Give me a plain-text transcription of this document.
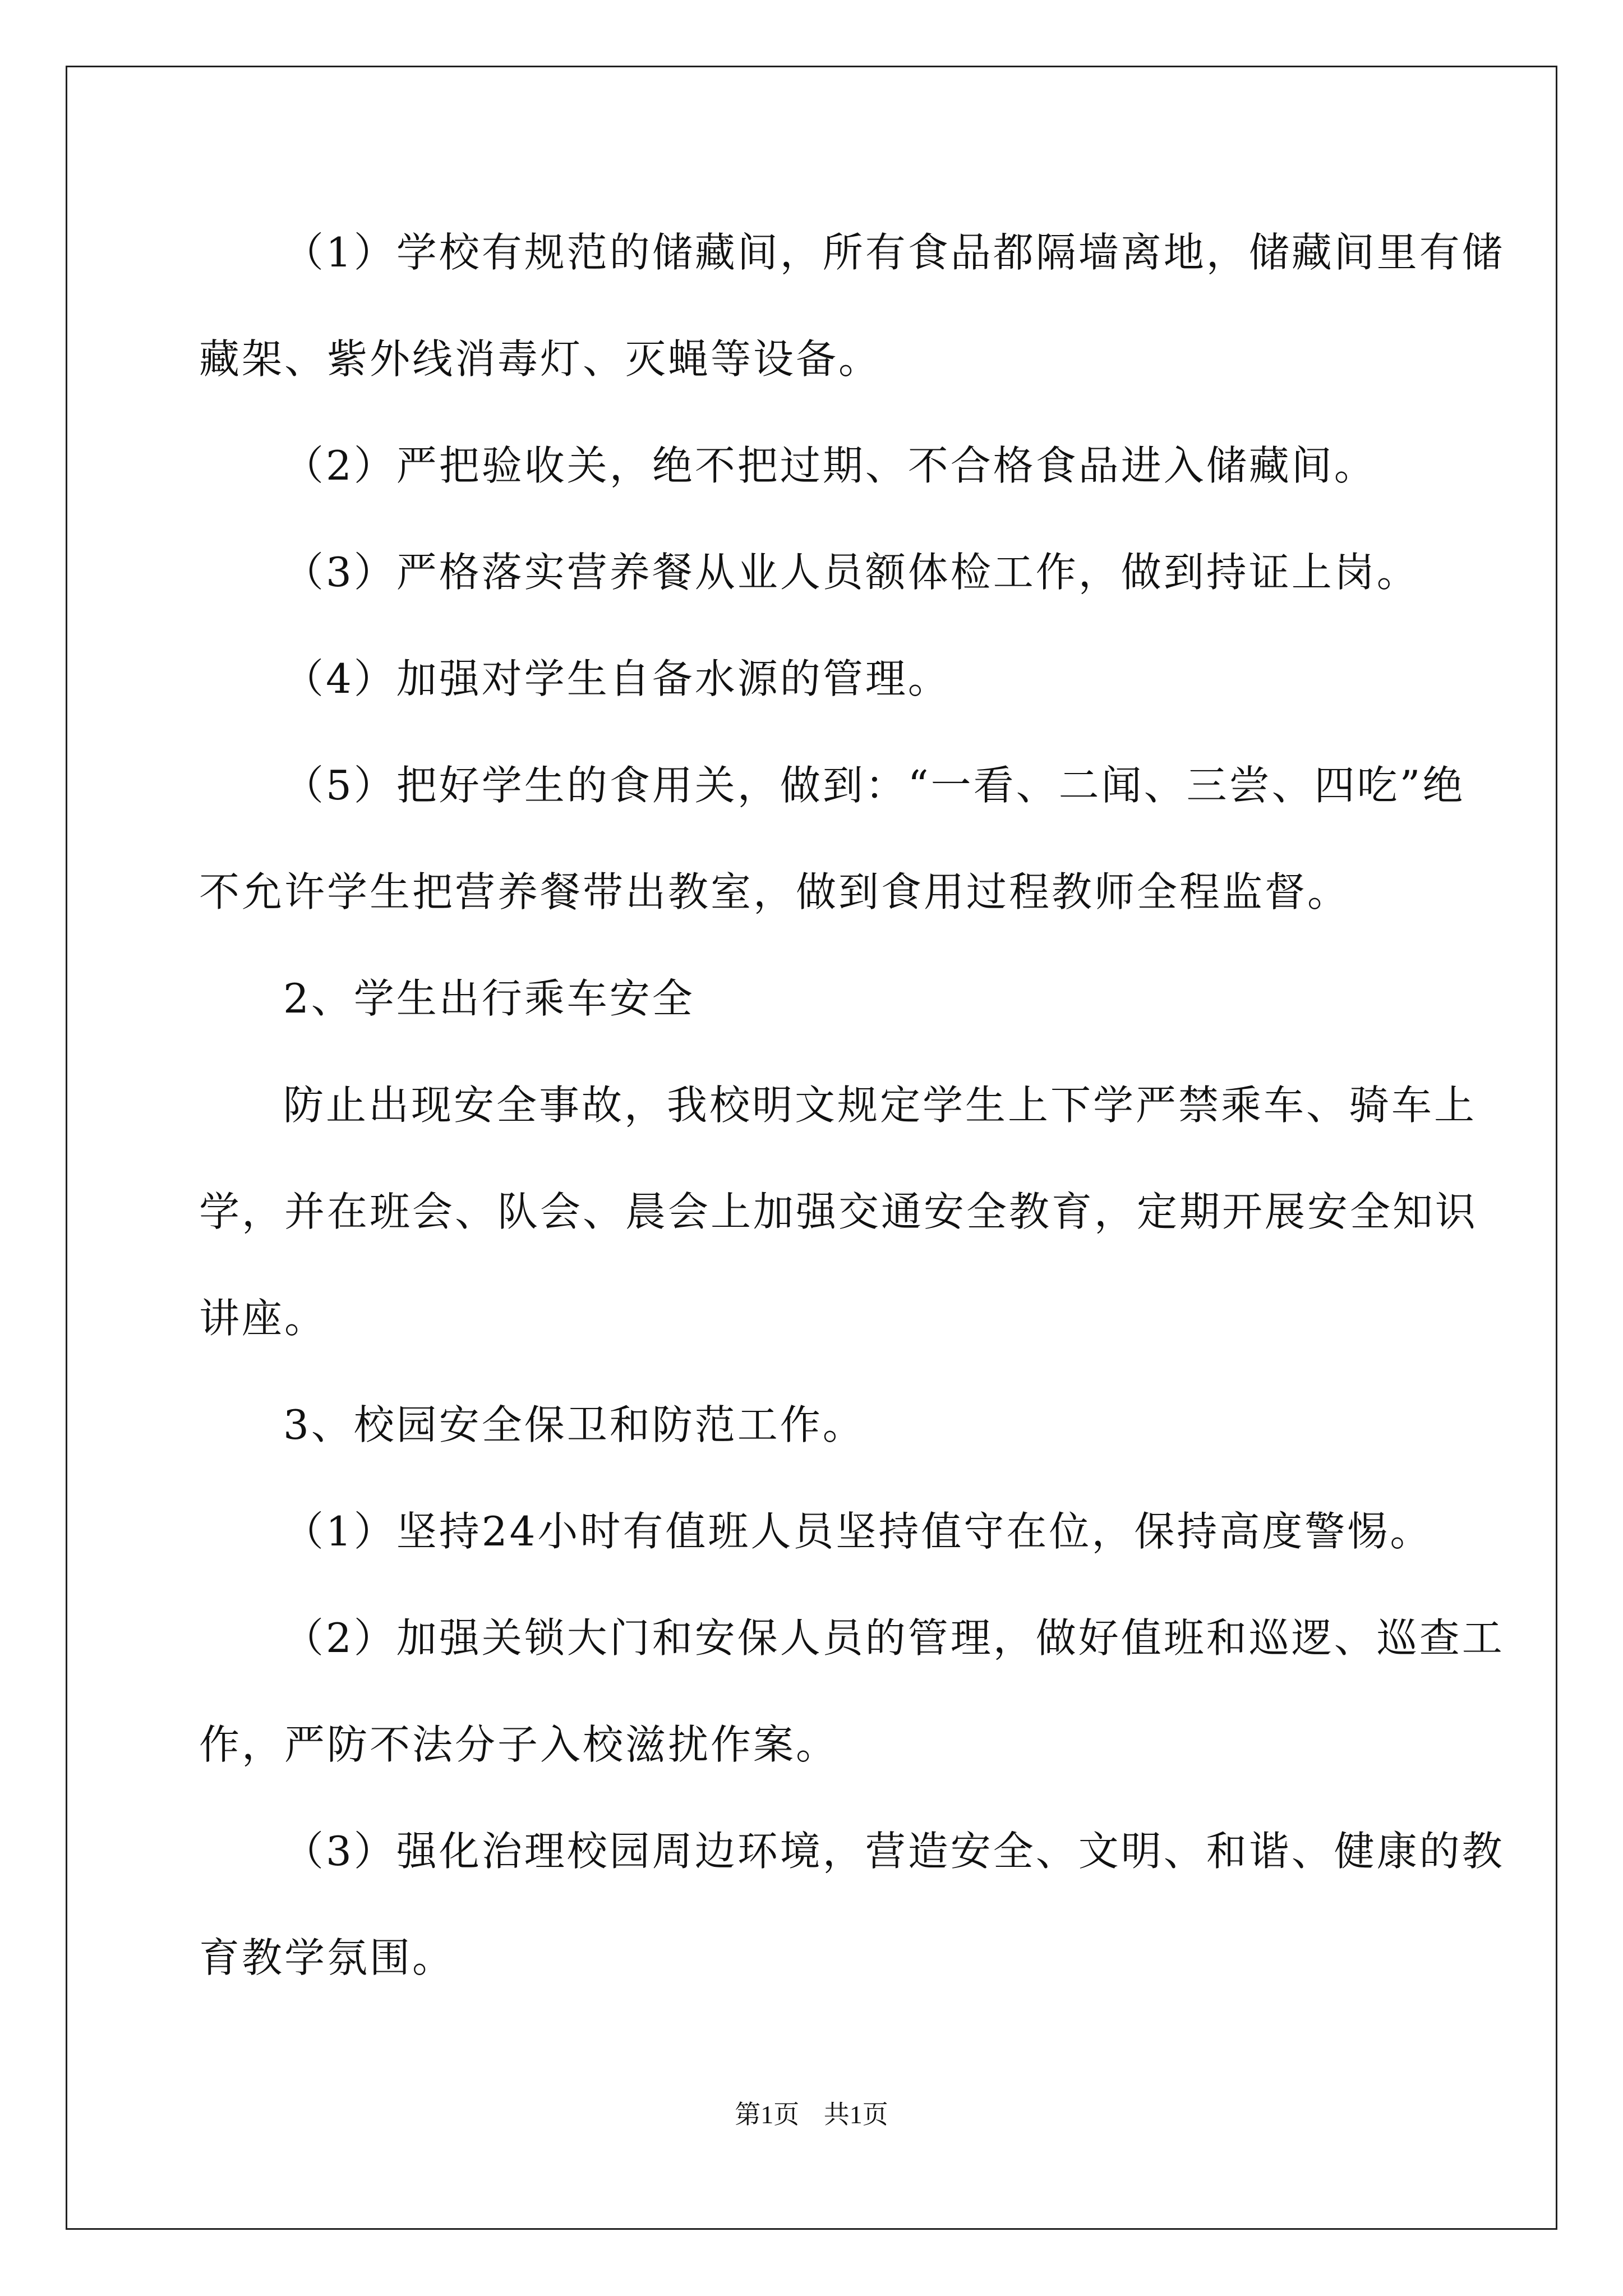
（1）学校有规范的储藏间，所有食品都隔墙离地，储藏间里有储
藏架、紫外线消毒灯、灭蝇等设备。
（2）严把验收关，绝不把过期、不合格食品进入储藏间。
（3）严格落实营养餐从业人员额体检工作，做到持证上岗。
（4）加强对学生自备水源的管理。
（5）把好学生的食用关，做到：“一看、二闻、三尝、四吃”绝
不允许学生把营养餐带出教室，做到食用过程教师全程监督。
2、学生出行乘车安全
防止出现安全事故，我校明文规定学生上下学严禁乘车、骑车上
学，并在班会、队会、晨会上加强交通安全教育，定期开展安全知识
讲座。
3、校园安全保卫和防范工作。
（1）坚持24小时有值班人员坚持值守在位，保持高度警惕。
（2）加强关锁大门和安保人员的管理，做好值班和巡逻、巡查工
作，严防不法分子入校滋扰作案。
（3）强化治理校园周边环境，营造安全、文明、和谐、健康的教
育教学氛围。
第1页 共1页
